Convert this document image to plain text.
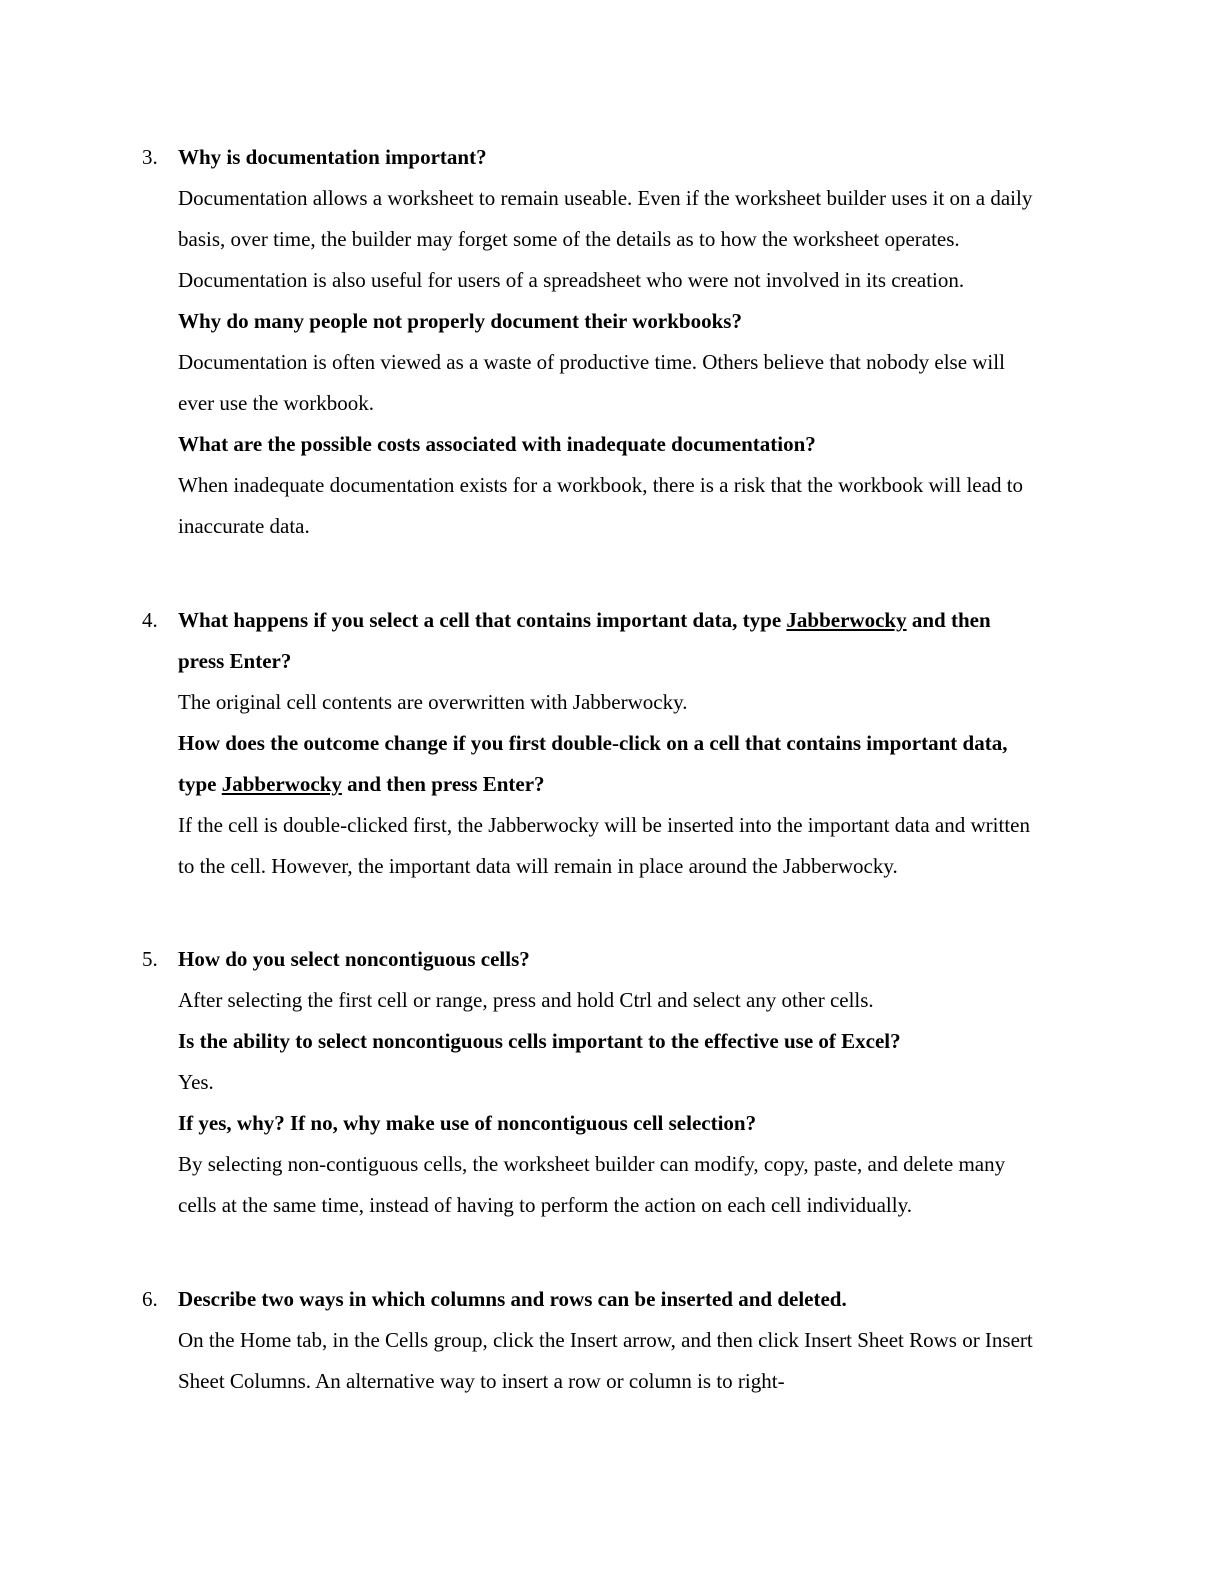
3. Why is documentation important?

Documentation allows a worksheet to remain useable. Even if the worksheet builder uses it on a daily basis, over time, the builder may forget some of the details as to how the worksheet operates. Documentation is also useful for users of a spreadsheet who were not involved in its creation.

Why do many people not properly document their workbooks?

Documentation is often viewed as a waste of productive time. Others believe that nobody else will ever use the workbook.

What are the possible costs associated with inadequate documentation?

When inadequate documentation exists for a workbook, there is a risk that the workbook will lead to inaccurate data.

4. What happens if you select a cell that contains important data, type Jabberwocky and then press Enter?

The original cell contents are overwritten with Jabberwocky.

How does the outcome change if you first double-click on a cell that contains important data, type Jabberwocky and then press Enter?

If the cell is double-clicked first, the Jabberwocky will be inserted into the important data and written to the cell. However, the important data will remain in place around the Jabberwocky.

5. How do you select noncontiguous cells?

After selecting the first cell or range, press and hold Ctrl and select any other cells.

Is the ability to select noncontiguous cells important to the effective use of Excel?

Yes.

If yes, why? If no, why make use of noncontiguous cell selection?

By selecting non-contiguous cells, the worksheet builder can modify, copy, paste, and delete many cells at the same time, instead of having to perform the action on each cell individually.

6. Describe two ways in which columns and rows can be inserted and deleted.

On the Home tab, in the Cells group, click the Insert arrow, and then click Insert Sheet Rows or Insert Sheet Columns. An alternative way to insert a row or column is to right-
